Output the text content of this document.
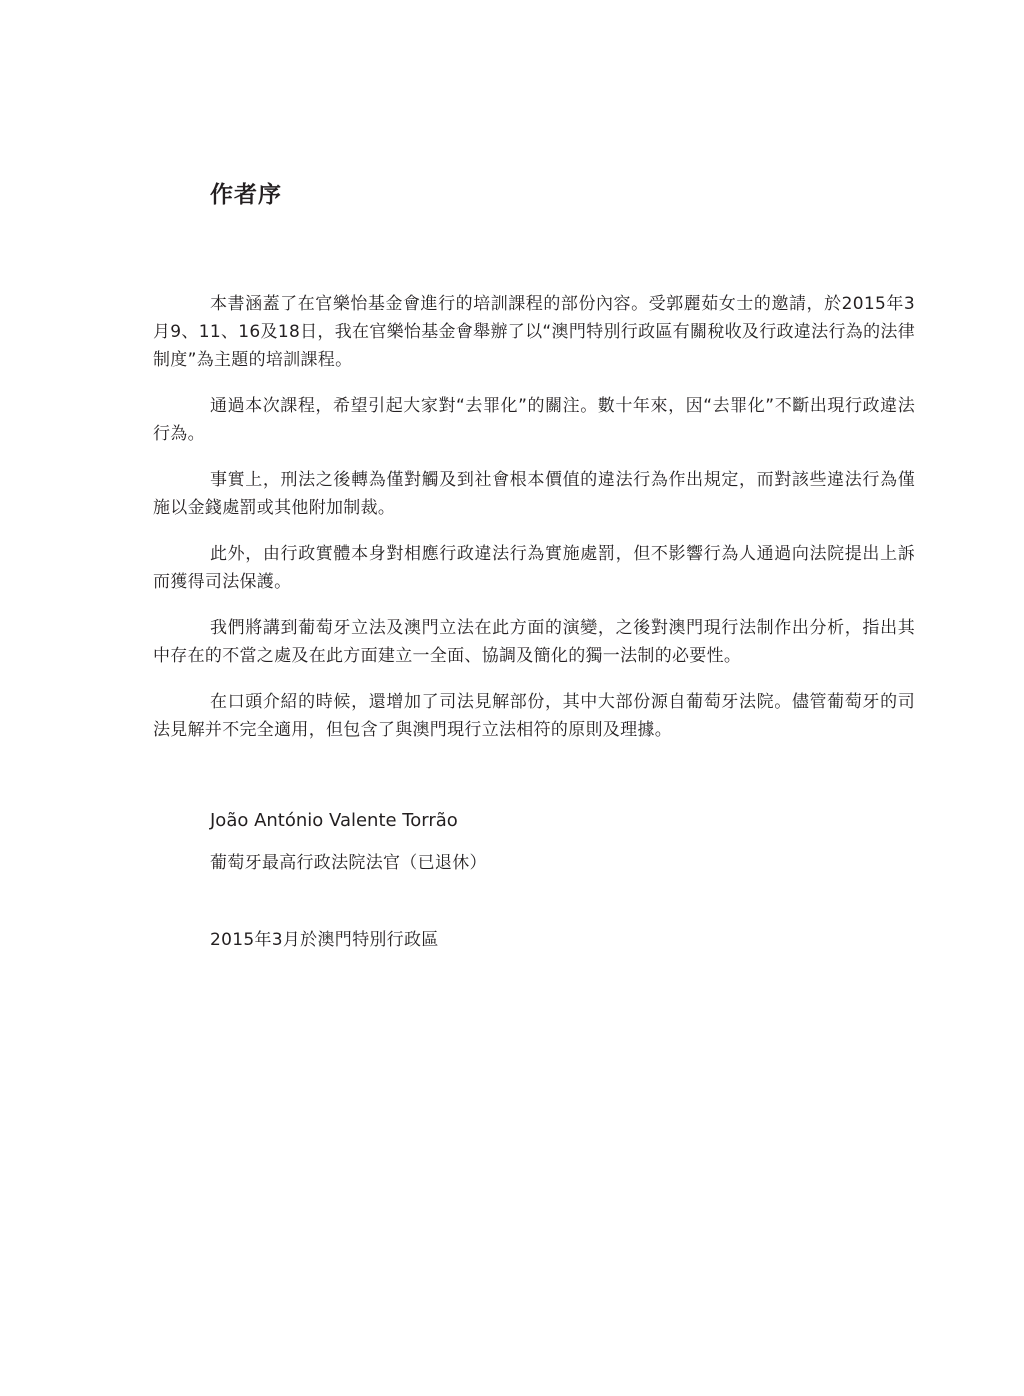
作者序

本書涵蓋了在官樂怡基金會進行的培訓課程的部份內容。受郭麗茹女士的邀請，於2015年3月9、11、16及18日，我在官樂怡基金會舉辦了以“澳門特別行政區有關稅收及行政違法行為的法律制度”為主題的培訓課程。

通過本次課程，希望引起大家對“去罪化”的關注。數十年來，因“去罪化”不斷出現行政違法行為。

事實上，刑法之後轉為僅對觸及到社會根本價值的違法行為作出規定，而對該些違法行為僅施以金錢處罰或其他附加制裁。

此外，由行政實體本身對相應行政違法行為實施處罰，但不影響行為人通過向法院提出上訴而獲得司法保護。

我們將講到葡萄牙立法及澳門立法在此方面的演變，之後對澳門現行法制作出分析，指出其中存在的不當之處及在此方面建立一全面、協調及簡化的獨一法制的必要性。

在口頭介紹的時候，還增加了司法見解部份，其中大部份源自葡萄牙法院。儘管葡萄牙的司法見解并不完全適用，但包含了與澳門現行立法相符的原則及理據。

João António Valente Torrão

葡萄牙最高行政法院法官（已退休）

2015年3月於澳門特別行政區
